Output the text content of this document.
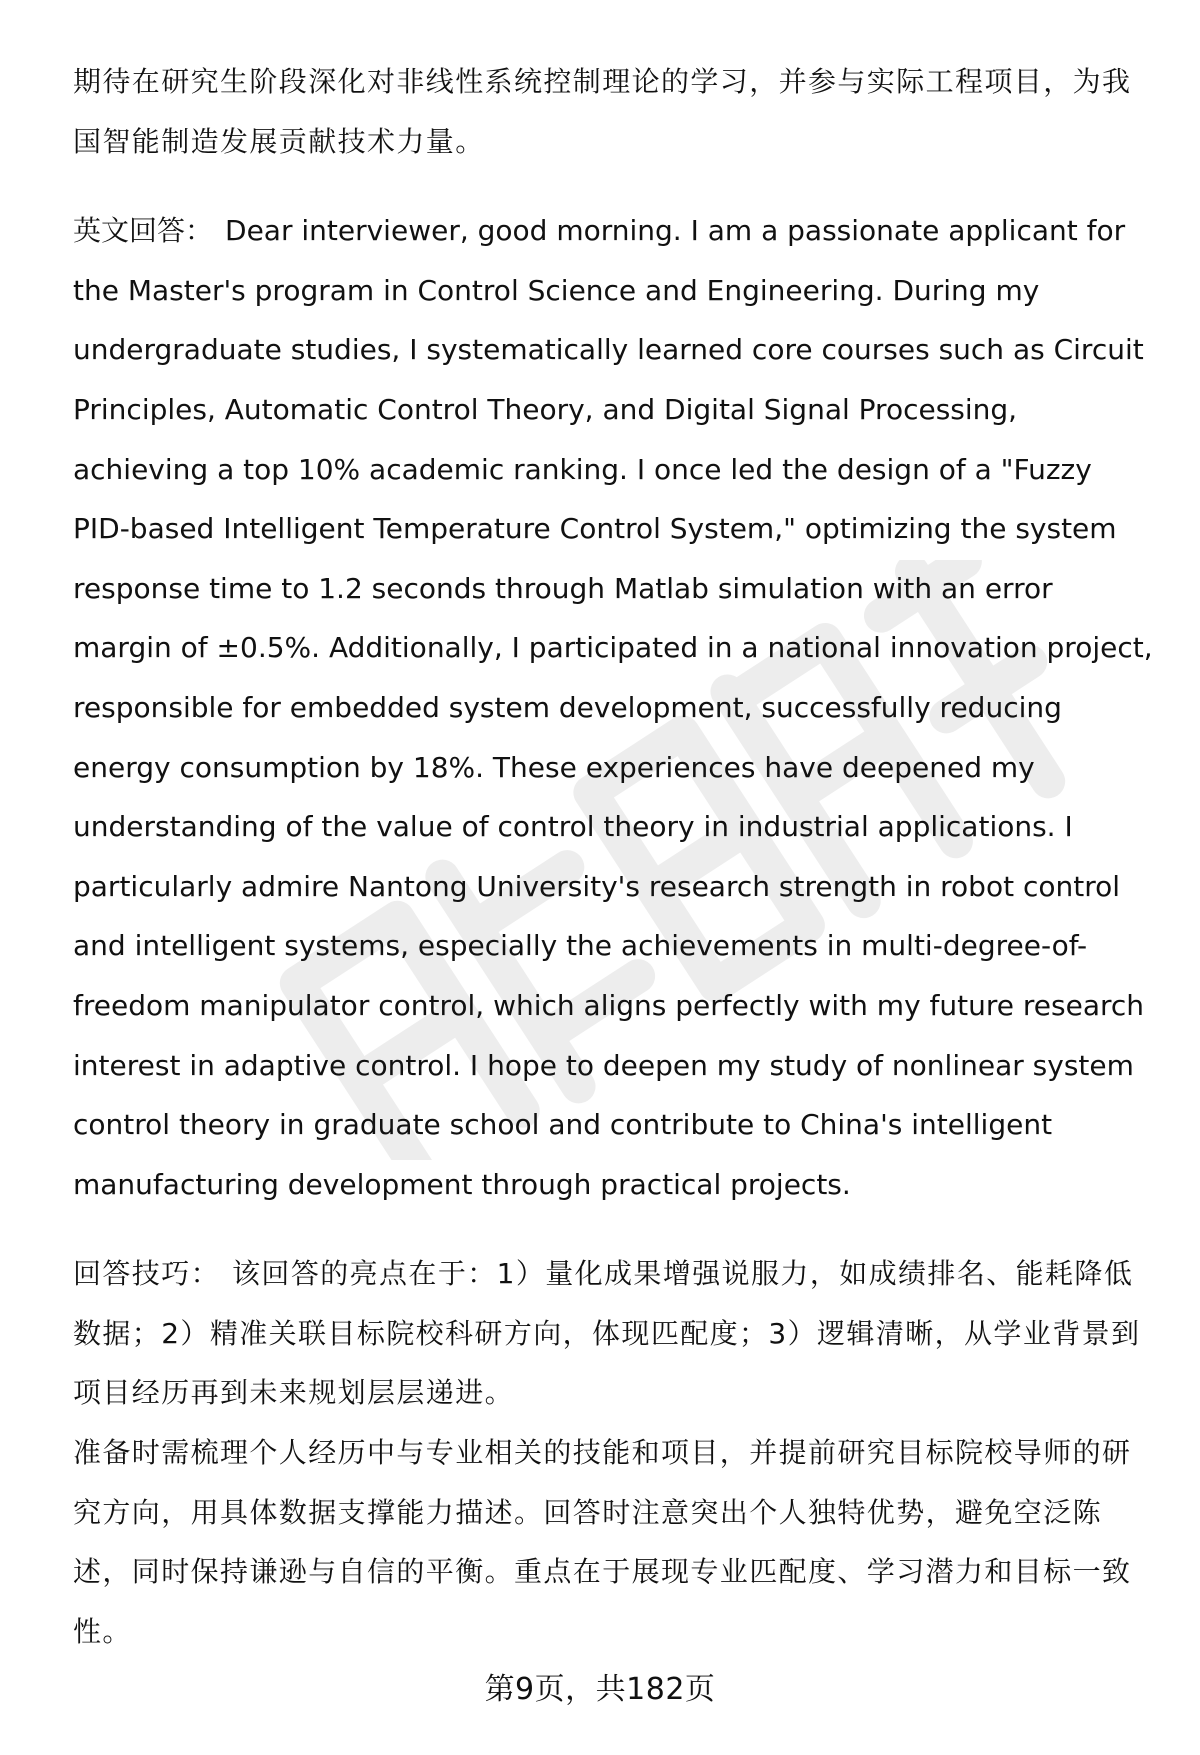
期待在研究生阶段深化对非线性系统控制理论的学习，并参与实际工程项目，为我国智能制造发展贡献技术力量。

英文回答： Dear interviewer, good morning. I am a passionate applicant for the Master's program in Control Science and Engineering. During my undergraduate studies, I systematically learned core courses such as Circuit Principles, Automatic Control Theory, and Digital Signal Processing, achieving a top 10% academic ranking. I once led the design of a "Fuzzy PID-based Intelligent Temperature Control System," optimizing the system response time to 1.2 seconds through Matlab simulation with an error margin of ±0.5%. Additionally, I participated in a national innovation project, responsible for embedded system development, successfully reducing energy consumption by 18%. These experiences have deepened my understanding of the value of control theory in industrial applications. I particularly admire Nantong University's research strength in robot control and intelligent systems, especially the achievements in multi-degree-of-freedom manipulator control, which aligns perfectly with my future research interest in adaptive control. I hope to deepen my study of nonlinear system control theory in graduate school and contribute to China's intelligent manufacturing development through practical projects.

回答技巧： 该回答的亮点在于：1）量化成果增强说服力，如成绩排名、能耗降低数据；2）精准关联目标院校科研方向，体现匹配度；3）逻辑清晰，从学业背景到项目经历再到未来规划层层递进。

准备时需梳理个人经历中与专业相关的技能和项目，并提前研究目标院校导师的研究方向，用具体数据支撑能力描述。回答时注意突出个人独特优势，避免空泛陈述，同时保持谦逊与自信的平衡。重点在于展现专业匹配度、学习潜力和目标一致性。

第9页，共182页
